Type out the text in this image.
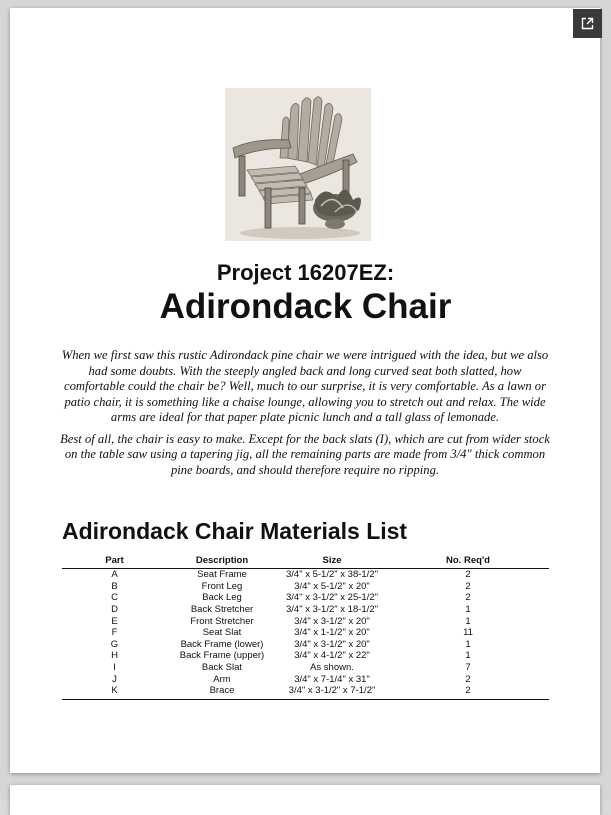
Project 16207EZ:
Adirondack Chair

When we first saw this rustic Adirondack pine chair we were intrigued with the idea, but we also had some doubts. With the steeply angled back and long curved seat both slatted, how comfortable could the chair be? Well, much to our surprise, it is very comfortable. As a lawn or patio chair, it is something like a chaise lounge, allowing you to stretch out and relax. The wide arms are ideal for that paper plate picnic lunch and a tall glass of lemonade.

Best of all, the chair is easy to make. Except for the back slats (I), which are cut from wider stock on the table saw using a tapering jig, all the remaining parts are made from 3/4" thick common pine boards, and should therefore require no ripping.

Adirondack Chair Materials List
Part	Description	Size	No. Req'd
A	Seat Frame	3/4" x 5-1/2" x 38-1/2"	2
B	Front Leg	3/4" x 5-1/2" x 20"	2
C	Back Leg	3/4" x 3-1/2" x 25-1/2"	2
D	Back Stretcher	3/4" x 3-1/2" x 18-1/2"	1
E	Front Stretcher	3/4" x 3-1/2" x 20"	1
F	Seat Slat	3/4" x 1-1/2" x 20"	11
G	Back Frame (lower)	3/4" x 3-1/2" x 20"	1
H	Back Frame (upper)	3/4" x 4-1/2" x 22"	1
I	Back Slat	As shown.	7
J	Arm	3/4" x 7-1/4" x 31"	2
K	Brace	3/4" x 3-1/2" x 7-1/2"	2
